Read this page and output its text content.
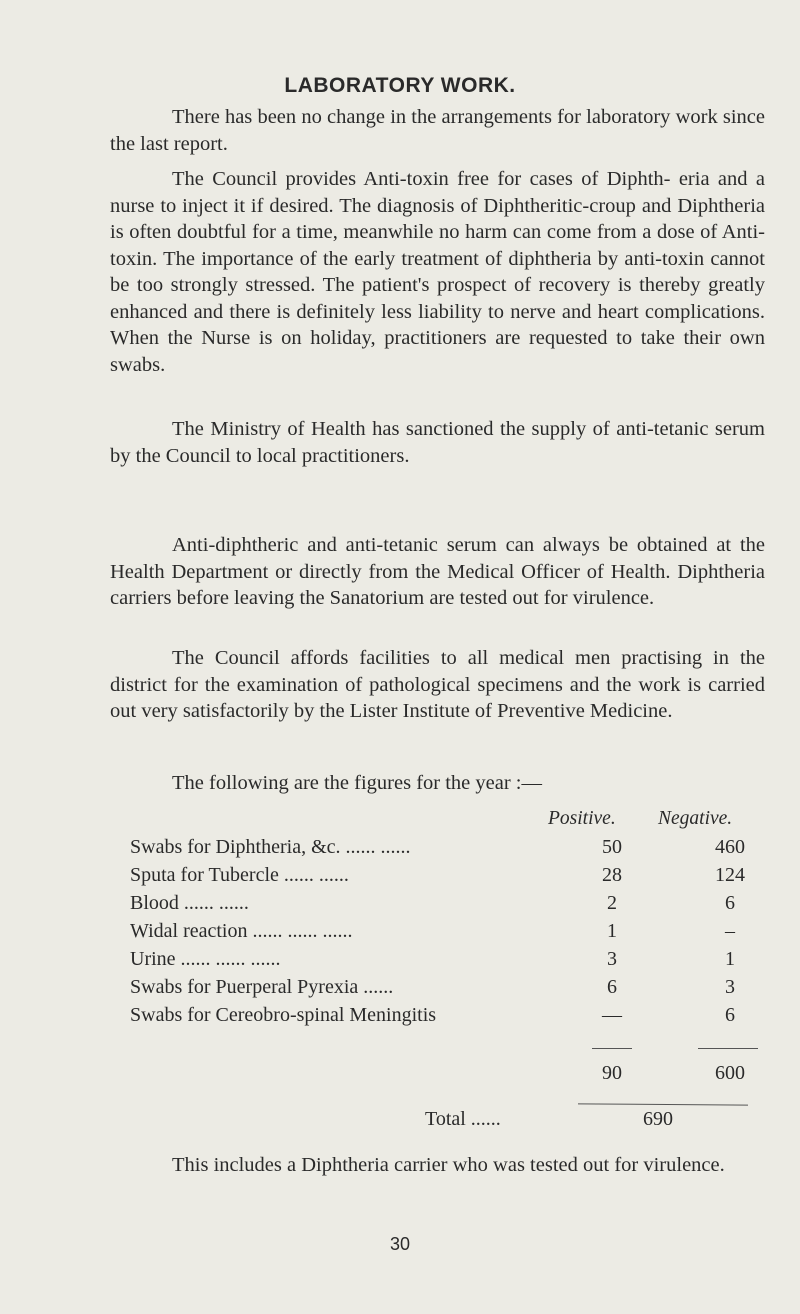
LABORATORY WORK.

There has been no change in the arrangements for laboratory work since the last report.

The Council provides Anti-toxin free for cases of Diphth- eria and a nurse to inject it if desired. The diagnosis of Diphtheritic-croup and Diphtheria is often doubtful for a time, meanwhile no harm can come from a dose of Anti- toxin. The importance of the early treatment of diphtheria by anti-toxin cannot be too strongly stressed. The patient's prospect of recovery is thereby greatly enhanced and there is definitely less liability to nerve and heart complications. When the Nurse is on holiday, practitioners are requested to take their own swabs.

The Ministry of Health has sanctioned the supply of anti-tetanic serum by the Council to local practitioners.

Anti-diphtheric and anti-tetanic serum can always be obtained at the Health Department or directly from the Medical Officer of Health. Diphtheria carriers before leaving the Sanatorium are tested out for virulence.

The Council affords facilities to all medical men practising in the district for the examination of pathological specimens and the work is carried out very satisfactorily by the Lister Institute of Preventive Medicine.

The following are the figures for the year :—

Positive. Negative.
Swabs for Diphtheria, &c. ...... ......	50	460
Sputa for Tubercle ...... ......	28	124
Blood ...... ......	2	6
Widal reaction ...... ...... ......	1	–
Urine ...... ...... ......	3	1
Swabs for Puerperal Pyrexia ......	6	3
Swabs for Cereobro-spinal Meningitis	—	6
90	600
Total ......	690

This includes a Diphtheria carrier who was tested out for virulence.

30
